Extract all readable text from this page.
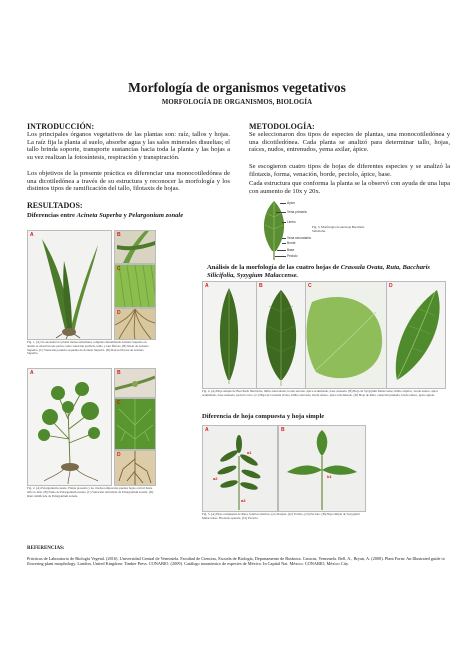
Morfología de organismos vegetativos
MORFOLOGÍA DE ORGANISMOS, BIOLOGÍA
INTRODUCCIÓN:
Los principales órganos vegetativos de las plantas son: raíz, tallos y hojas. La raíz fija la planta al suelo, absorbe agua y las sales minerales disueltas; el tallo brinda soporte, transporte sustancias hacia toda la planta y las hojas a su vez realizan la fotosíntesis, respiración y transpiración.
Los objetivos de la presente práctica es diferenciar una monocotiledónea de una dicotiledónea a través de su estructura y reconocer la morfología y los distintos tipos de ramificación del tallo, filotaxis de hojas.
RESULTADOS:
Diferencias entre Acineta Superba y Pelargonium zonale
A	B
C
D
Fig. 1. (A) Se encuentra la planta monocotiledónea completa denominada Acineta Superba en donde se observan sus partes como venación paralela, nudo y raíz fibrosa. (B) Nudo de Acineta Superba. (C) Venación paralela sequenta de Acineta Superba. (D) Raíces fibrosa de Acineta Superba.
A	B
C
D
Fig. 2. (A) Pelargonium zonale. Planta presenta y no citadas temporales puedes hojas a nivel hasta tallo lo más. (B) Nudo de Pelargonium zonale. (C) Venación reticulada de Pelargonium zonale. (D) Raíz ramificada de Pelargonium zonale.
METODOLOGÍA:
Se seleccionaron dos tipos de especies de plantas, una monocotiledónea y una dicotiledónea. Cada planta se analizó para determinar tallo, hojas, raíces, nudos, entrenudos, yema axilar, ápice.
Se escogieron cuatro tipos de hojas de diferentes especies y se analizó la filotaxis, forma, venación, borde, peciolo, ápice, base.
Cada estructura que conforma la planta se la observó con ayuda de una lupa con aumento de 10x y 20x.
Ápice
Vena primaria
Limbo
Vena secundaria
Borde
Base
Peciolo
Fig. 3. Morfología de una hoja Baccharis Salicifolia.
Análisis de la morfología de las cuatro hojas de Crassula Ovata, Ruta, Baccharis Silicifolia, Syzygium Malaccense.
A	B	C	D
Fig. 4. (A) Hoja simple de Baccharis Silicifolia, limbo lanceolado, borde serrado, ápice acuminado, base cuneada. (B) Hoja de Syzygium Malaccense, limbo elíptico, borde entero, ápice acuminado, base cuneada, peciolo corto. (C) Hoja de Crassula Ovata, limbo obovado, borde entero, ápice redondeado. (D) Hoja de Ruta, venación pinnada, borde entero, ápice agudo.
Diferencia de hoja compuesta y hoja simple
A
a1
a2
a3
B
b1
Fig. 5. (A) Hoja compuesta de Ruta, foliolos alternos, (a1) Raquis. (a2) Foliolo, (a3) Peciolo. (B) Hoja simple de Syzygium Malaccense. Filotaxis opuesta, (b1) Peciolo.
REFERENCIAS:
Prácticas de Laboratorio de Biología Vegetal. (2016). Universidad Central de Venezuela. Facultad de Ciencias, Escuela de Biología, Departamento de Botánica. Caracas, Venezuela. Bell, A., Bryan, A. (2008). Plant Form: An Illustrated guide to flowering plant morphology. London, United Kingdom: Timber Press. CONABIO. (2009). Catálogo taxonómico de especies de México. In Capital Nat. México. CONABIO, México City.
